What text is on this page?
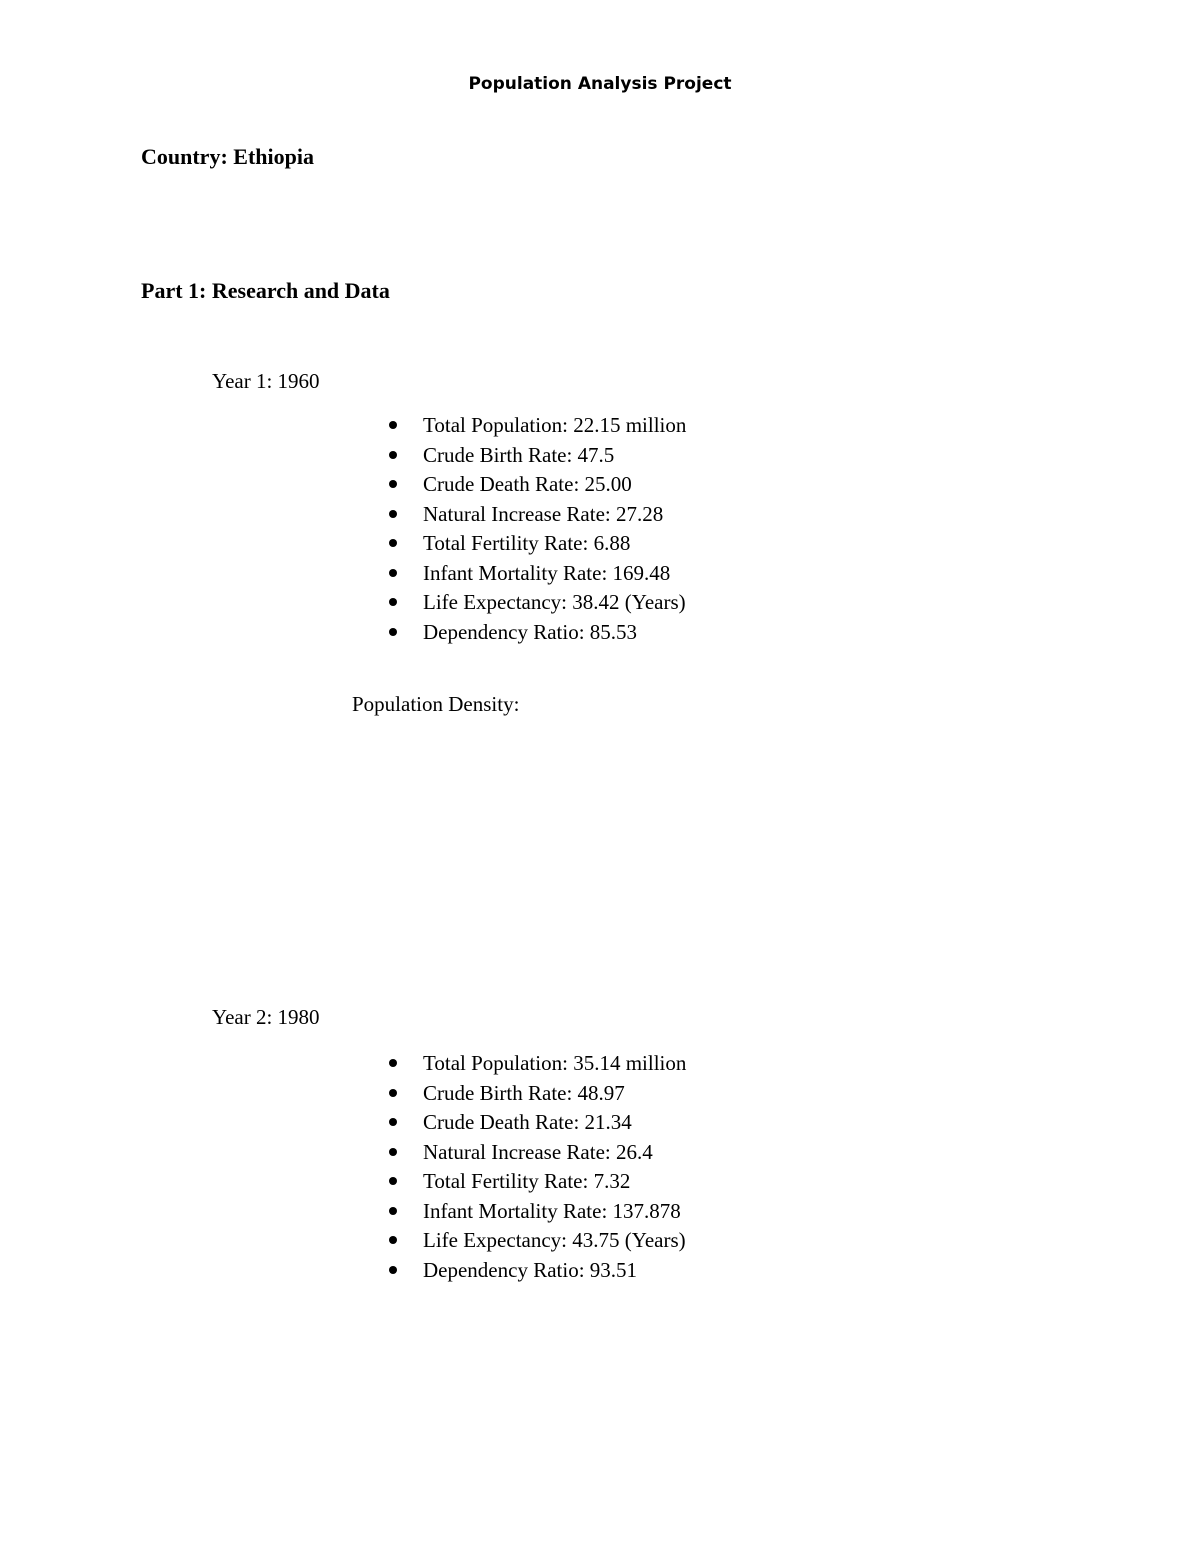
Population Analysis Project
Country: Ethiopia
Part 1: Research and Data
Year 1: 1960
Total Population: 22.15 million
Crude Birth Rate: 47.5
Crude Death Rate: 25.00
Natural Increase Rate: 27.28
Total Fertility Rate: 6.88
Infant Mortality Rate: 169.48
Life Expectancy: 38.42 (Years)
Dependency Ratio: 85.53
Population Density:
Year 2: 1980
Total Population: 35.14 million
Crude Birth Rate: 48.97
Crude Death Rate: 21.34
Natural Increase Rate: 26.4
Total Fertility Rate: 7.32
Infant Mortality Rate: 137.878
Life Expectancy: 43.75 (Years)
Dependency Ratio: 93.51
